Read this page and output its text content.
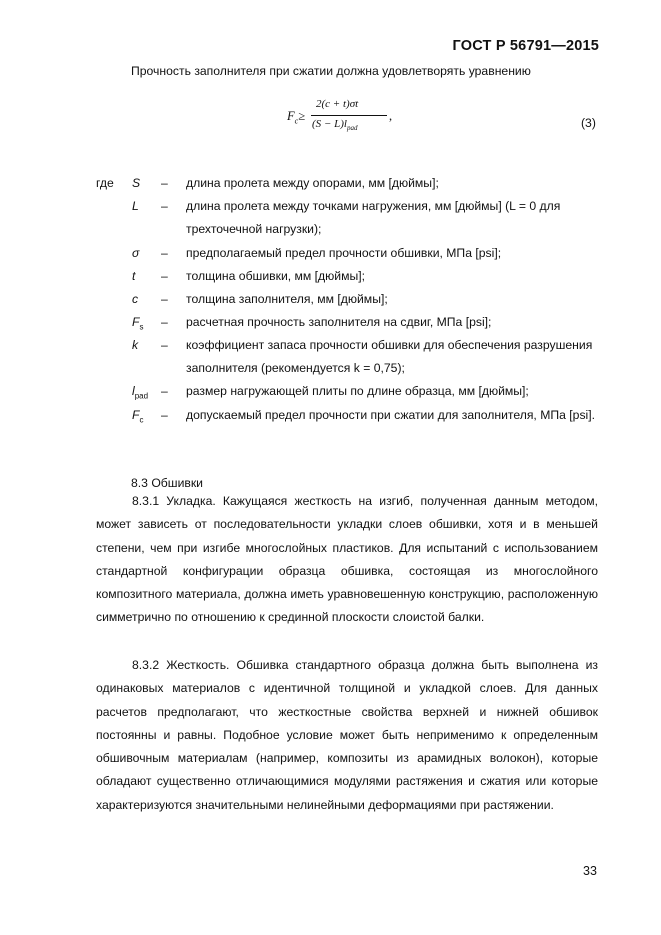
ГОСТ Р 56791—2015
Прочность заполнителя при сжатии должна удовлетворять уравнению
$F_c\ge$
2(c + t)σt
$(S - L)l_{pad}$
,	(3)
где S – длина пролета между опорами, мм [дюймы];
L – длина пролета между точками нагружения, мм [дюймы] (L = 0 для трехточечной нагрузки);
σ – предполагаемый предел прочности обшивки, МПа [psi];
t – толщина обшивки, мм [дюймы];
c – толщина заполнителя, мм [дюймы];
$F_s$ – расчетная прочность заполнителя на сдвиг, МПа [psi];
k – коэффициент запаса прочности обшивки для обеспечения разрушения заполнителя (рекомендуется k = 0,75);
$l_{pad}$ – размер нагружающей плиты по длине образца, мм [дюймы];
$F_c$ – допускаемый предел прочности при сжатии для заполнителя, МПа [psi].
8.3 Обшивки

8.3.1 Укладка. Кажущаяся жесткость на изгиб, полученная данным методом, может зависеть от последовательности укладки слоев обшивки, хотя и в меньшей степени, чем при изгибе многослойных пластиков. Для испытаний с использованием стандартной конфигурации образца обшивка, состоящая из многослойного композитного материала, должна иметь уравновешенную конструкцию, расположенную симметрично по отношению к срединной плоскости слоистой балки.

8.3.2 Жесткость. Обшивка стандартного образца должна быть выполнена из одинаковых материалов с идентичной толщиной и укладкой слоев. Для данных расчетов предполагают, что жесткостные свойства верхней и нижней обшивок постоянны и равны. Подобное условие может быть неприменимо к определенным обшивочным материалам (например, композиты из арамидных волокон), которые обладают существенно отличающимися модулями растяжения и сжатия или которые характеризуются значительными нелинейными деформациями при растяжении.

33
